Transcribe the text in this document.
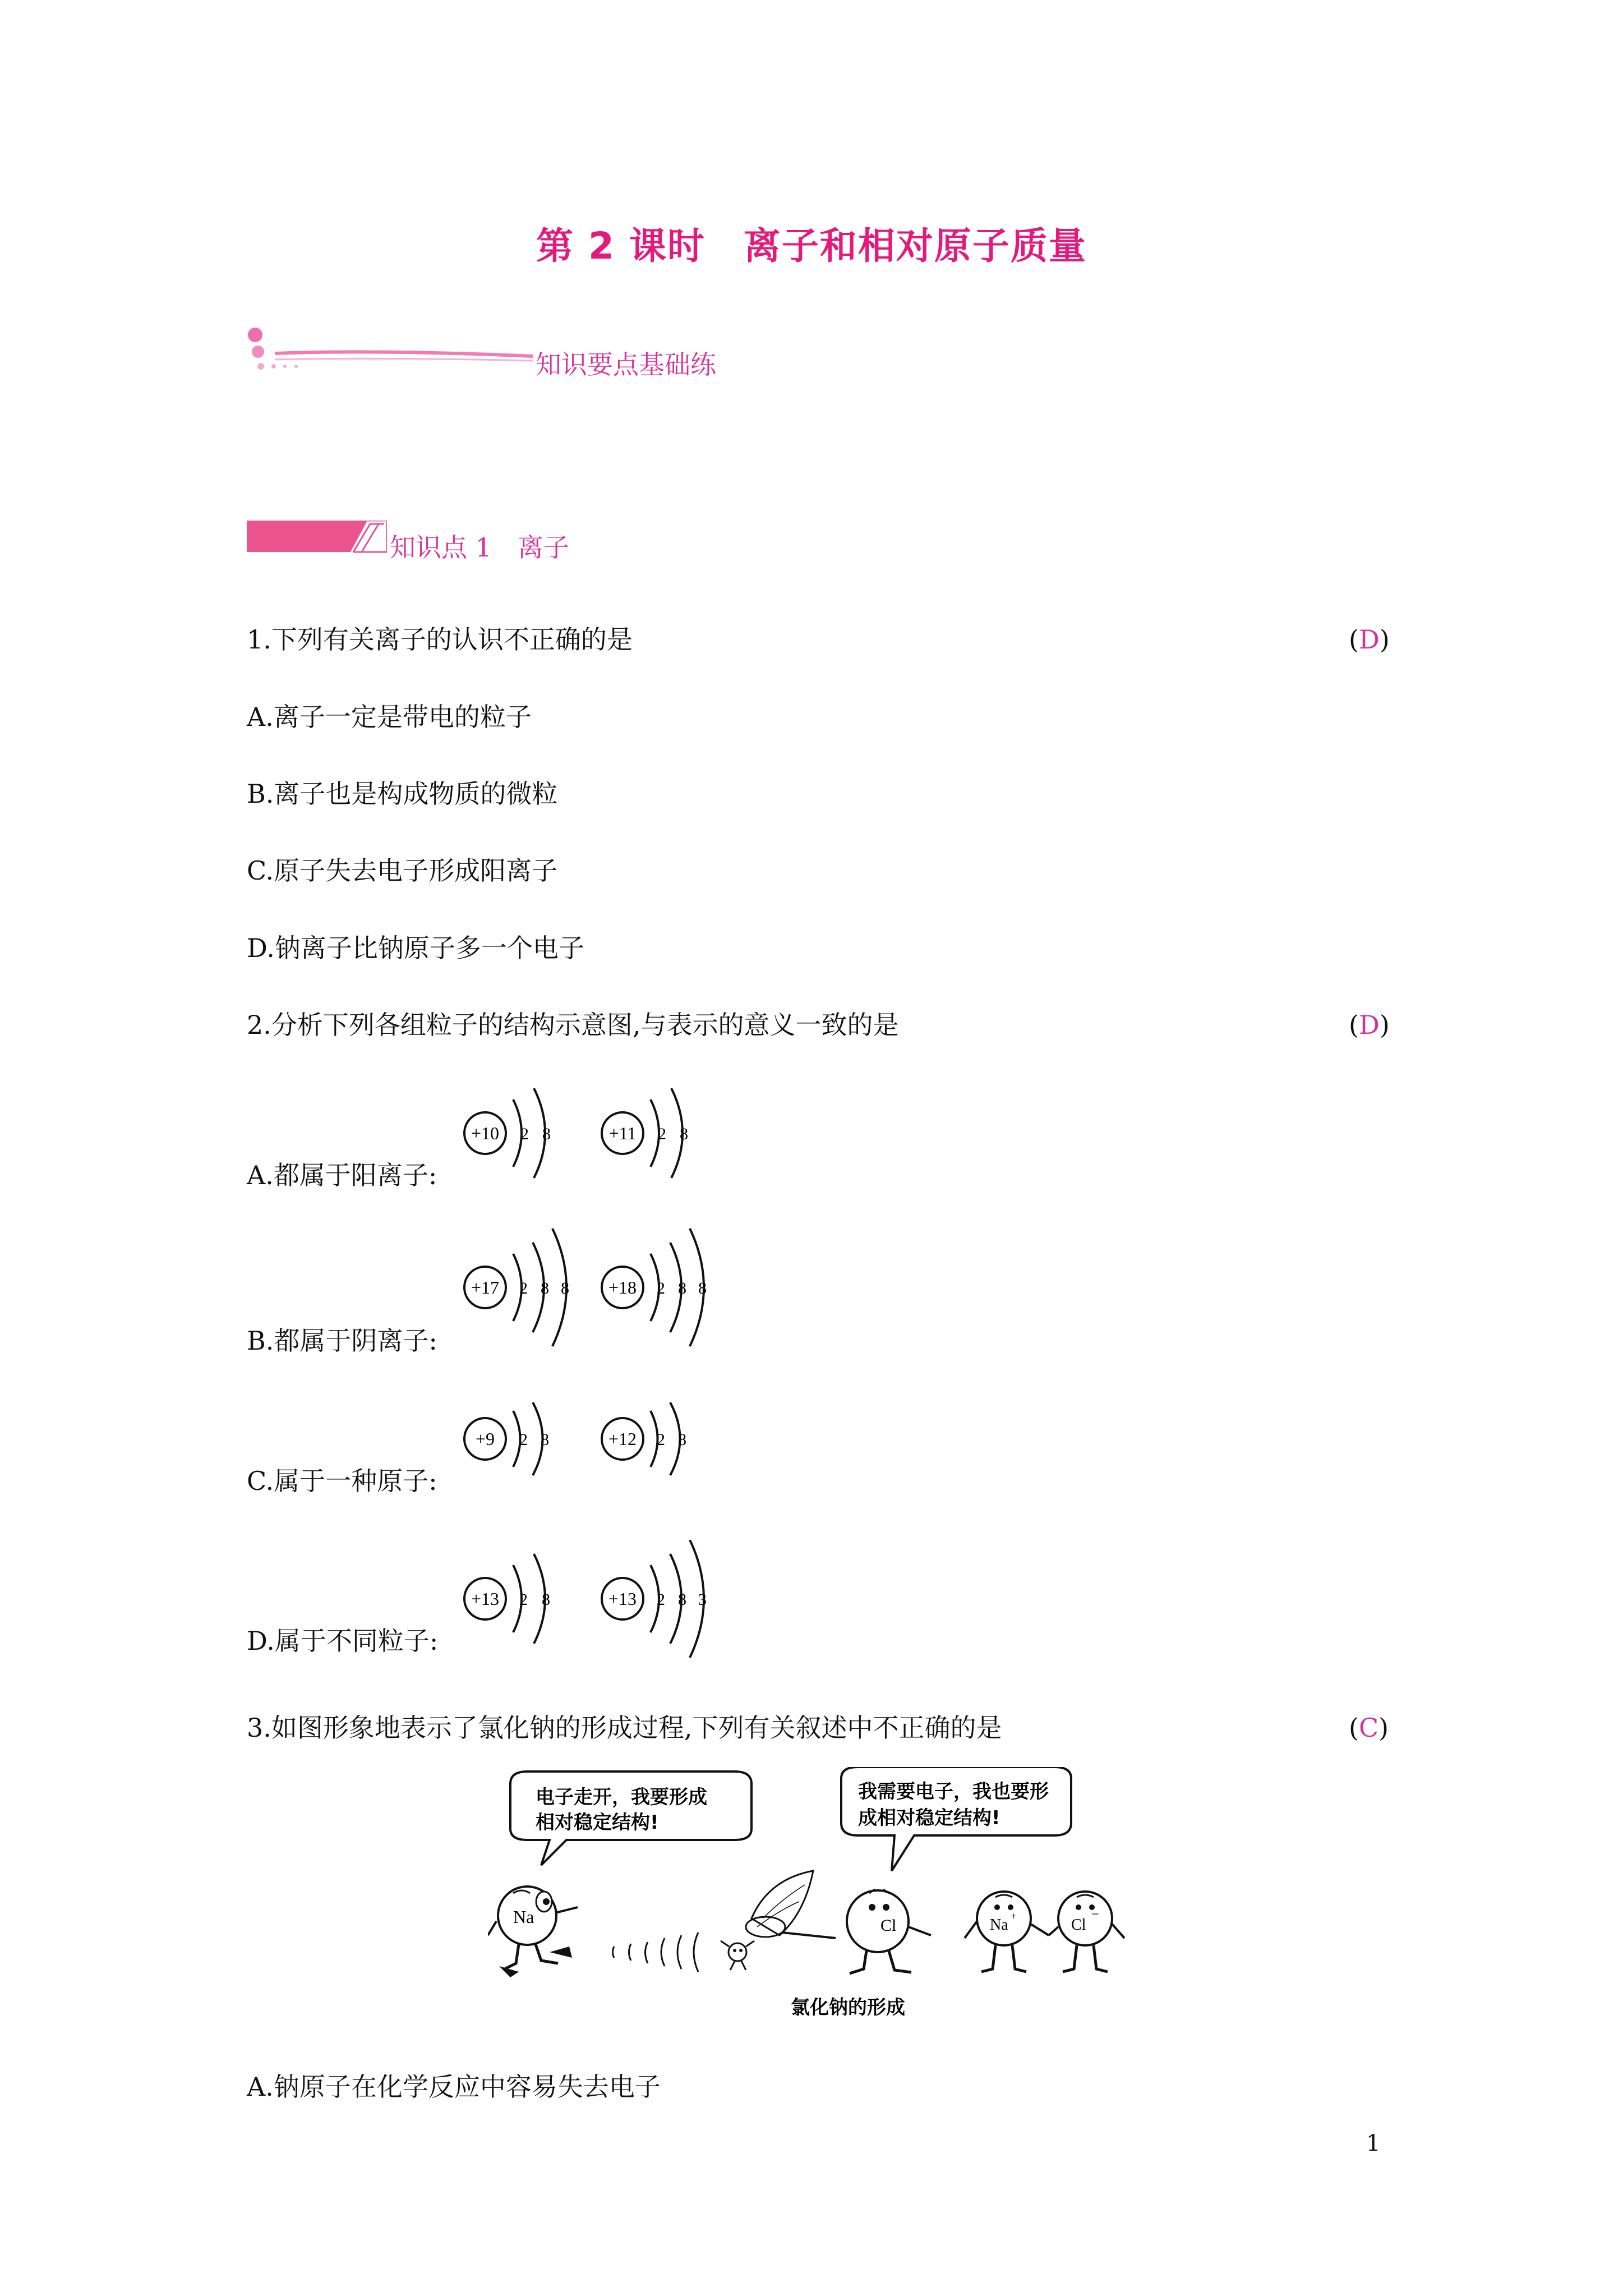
第 2 课时　离子和相对原子质量
知识要点基础练
知识点 1　离子
1.下列有关离子的认识不正确的是	(D)
A.离子一定是带电的粒子
B.离子也是构成物质的微粒
C.原子失去电子形成阳离子
D.钠离子比钠原子多一个电子
2.分析下列各组粒子的结构示意图,与表示的意义一致的是	(D)
A.都属于阳离子:
+10 2 8	+11 2 8
B.都属于阴离子:
+17 2 8 8 +18 2 8 8
C.属于一种原子:
+9 2 8	+12 2 8
D.属于不同粒子:
+13 2 8	+13 2 8 3
3.如图形象地表示了氯化钠的形成过程,下列有关叙述中不正确的是	(C)
电子走开，我要形成
相对稳定结构!
我需要电子，我也要形
成相对稳定结构!
Na	Cl	Na +	Cl
−
氯化钠的形成
A.钠原子在化学反应中容易失去电子
1
